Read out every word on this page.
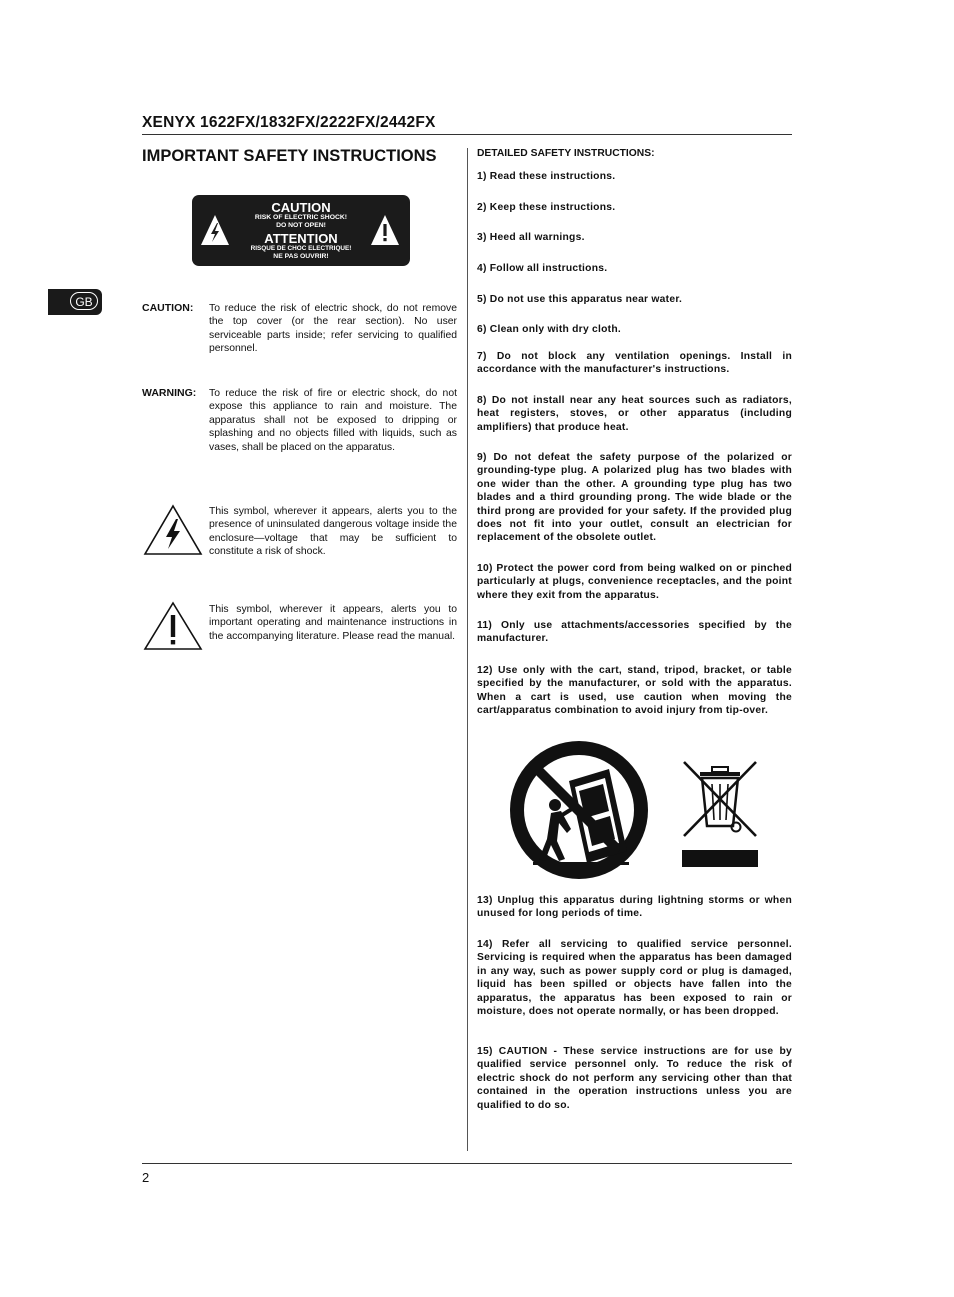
XENYX 1622FX/1832FX/2222FX/2442FX
IMPORTANT SAFETY INSTRUCTIONS
CAUTION
RISK OF ELECTRIC SHOCK!
DO NOT OPEN!
ATTENTION
RISQUE DE CHOC ELECTRIQUE!
NE PAS OUVRIR!
GB	CAUTION: To reduce the risk of electric shock, do not remove the top cover (or the rear section). No user serviceable parts inside; refer servicing to qualified personnel.
WARNING: To reduce the risk of fire or electric shock, do not expose this appliance to rain and moisture. The apparatus shall not be exposed to dripping or splashing and no objects filled with liquids, such as vases, shall be placed on the apparatus.
This symbol, wherever it appears, alerts you to the presence of uninsulated dangerous voltage inside the enclosure—voltage that may be sufficient to constitute a risk of shock.
This symbol, wherever it appears, alerts you to important operating and maintenance instructions in the accompanying literature. Please read the manual.
DETAILED SAFETY INSTRUCTIONS:
1) Read these instructions.
2) Keep these instructions.
3) Heed all warnings.
4) Follow all instructions.
5) Do not use this apparatus near water.
6) Clean only with dry cloth.
7) Do not block any ventilation openings. Install in accordance with the manufacturer's instructions.
8) Do not install near any heat sources such as radiators, heat registers, stoves, or other apparatus (including amplifiers) that produce heat.
9) Do not defeat the safety purpose of the polarized or grounding-type plug. A polarized plug has two blades with one wider than the other. A grounding type plug has two blades and a third grounding prong. The wide blade or the third prong are provided for your safety. If the provided plug does not fit into your outlet, consult an electrician for replacement of the obsolete outlet.
10) Protect the power cord from being walked on or pinched particularly at plugs, convenience receptacles, and the point where they exit from the apparatus.
11) Only use attachments/accessories specified by the manufacturer.
12) Use only with the cart, stand, tripod, bracket, or table specified by the manufacturer, or sold with the apparatus. When a cart is used, use caution when moving the cart/apparatus combination to avoid injury from tip-over.
13) Unplug this apparatus during lightning storms or when unused for long periods of time.
14) Refer all servicing to qualified service personnel. Servicing is required when the apparatus has been damaged in any way, such as power supply cord or plug is damaged, liquid has been spilled or objects have fallen into the apparatus, the apparatus has been exposed to rain or moisture, does not operate normally, or has been dropped.
15) CAUTION - These service instructions are for use by qualified service personnel only. To reduce the risk of electric shock do not perform any servicing other than that contained in the operation instructions unless you are qualified to do so.
2
